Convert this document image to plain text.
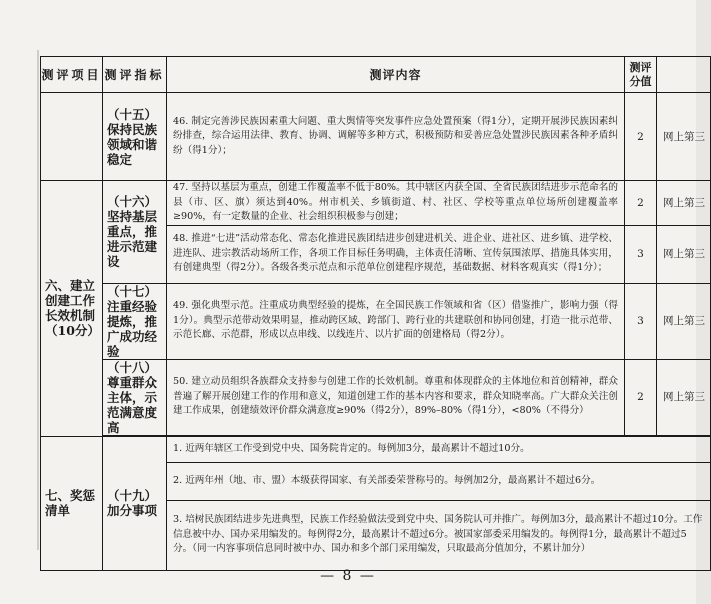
测评项目	测评指标	测评内容	测评分值	
	（十五）保持民族领域和谐稳定	46. 制定完善涉民族因素重大问题、重大舆情等突发事件应急处置预案（得1分），定期开展涉民族因素纠纷排查，综合运用法律、教育、协调、调解等多种方式，积极预防和妥善应急处置涉民族因素各种矛盾纠纷（得1分）；	2	网上第三
六、建立创建工作长效机制（10分）	（十六）坚持基层重点，推进示范建设	47. 坚持以基层为重点，创建工作覆盖率不低于80%。其中辖区内获全国、全省民族团结进步示范命名的县（市、区、旗）须达到40%。州市机关、乡镇街道、村、社区、学校等重点单位场所创建覆盖率≥90%，有一定数量的企业、社会组织积极参与创建；	2	网上第三
		48. 推进“七进”活动常态化、常态化推进民族团结进步创建进机关、进企业、进社区、进乡镇、进学校、进连队、进宗教活动场所工作，各项工作目标任务明确，主体责任清晰、宣传氛围浓厚、措施具体实用，有创建典型（得2分）。各级各类示范点和示范单位创建程序规范，基础数据、材料客观真实（得1分）；	3	网上第三
	（十七）注重经验提炼，推广成功经验	49. 强化典型示范。注重成功典型经验的提炼，在全国民族工作领域和省（区）借鉴推广，影响力强（得1分）。典型示范带动效果明显，推动跨区域、跨部门、跨行业的共建联创和协同创建，打造一批示范带、示范长廊、示范群，形成以点串线、以线连片、以片扩面的创建格局（得2分）。	3	网上第三
	（十八）尊重群众主体，示范满意度高	50. 建立动员组织各族群众支持参与创建工作的长效机制。尊重和体现群众的主体地位和首创精神，群众普遍了解开展创建工作的作用和意义，知道创建工作的基本内容和要求，群众知晓率高。广大群众关注创建工作成果，创建绩效评价群众满意度≥90%（得2分），89%–80%（得1分），<80%（不得分）	2	网上第三

七、奖惩清单	（十九）加分事项	1. 近两年辖区工作受到党中央、国务院肯定的。每例加3分，最高累计不超过10分。		
		2. 近两年州（地、市、盟）本级获得国家、有关部委荣誉称号的。每例加2分，最高累计不超过6分。		
		3. 培树民族团结进步先进典型，民族工作经验做法受到党中央、国务院认可并推广。每例加3分，最高累计不超过10分。工作信息被中办、国办采用编发的。每例得2分，最高累计不超过6分。被国家部委采用编发的。每例得1分，最高累计不超过5分。（同一内容事项信息同时被中办、国办和多个部门采用编发，只取最高分值加分，不累计加分）		
— 8 —
